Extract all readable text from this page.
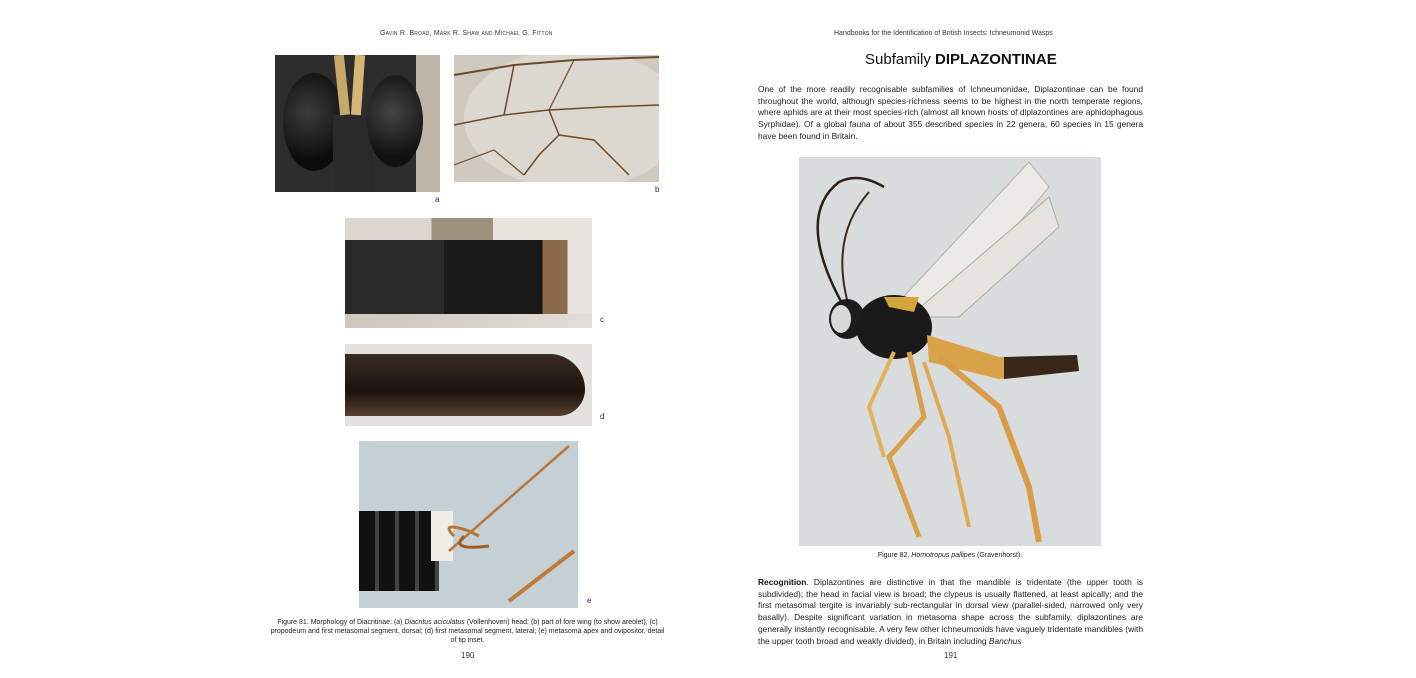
Gavin R. Broad, Mark R. Shaw and Michael G. Fitton
a
b
c
d
e
Figure 81. Morphology of Diacritinae: (a) Diacritus aciculatus (Vollenhoven) head; (b) part of fore wing (to show areolet); (c) propodeum and first metasomal segment, dorsal; (d) first metasomal segment, lateral; (e) metasoma apex and ovipositor, detail of tip inset.
190
Handbooks for the Identification of British Insects: Ichneumonid Wasps
Subfamily DIPLAZONTINAE

One of the more readily recognisable subfamilies of Ichneumonidae, Diplazontinae can be found throughout the world, although species-richness seems to be highest in the north temperate regions, where aphids are at their most species-rich (almost all known hosts of diplazontines are aphidophagous Syrphidae). Of a global fauna of about 355 described species in 22 genera, 60 species in 15 genera have been found in Britain.

Figure 82. Homotropus pallipes (Gravenhorst).

Recognition. Diplazontines are distinctive in that the mandible is tridentate (the upper tooth is subdivided); the head in facial view is broad; the clypeus is usually flattened, at least apically; and the first metasomal tergite is invariably sub-rectangular in dorsal view (parallel-sided, narrowed only very basally). Despite significant variation in metasoma shape across the subfamily, diplazontines are generally instantly recognisable. A very few other ichneumonids have vaguely tridentate mandibles (with the upper tooth broad and weakly divided), in Britain including Banchus

191
